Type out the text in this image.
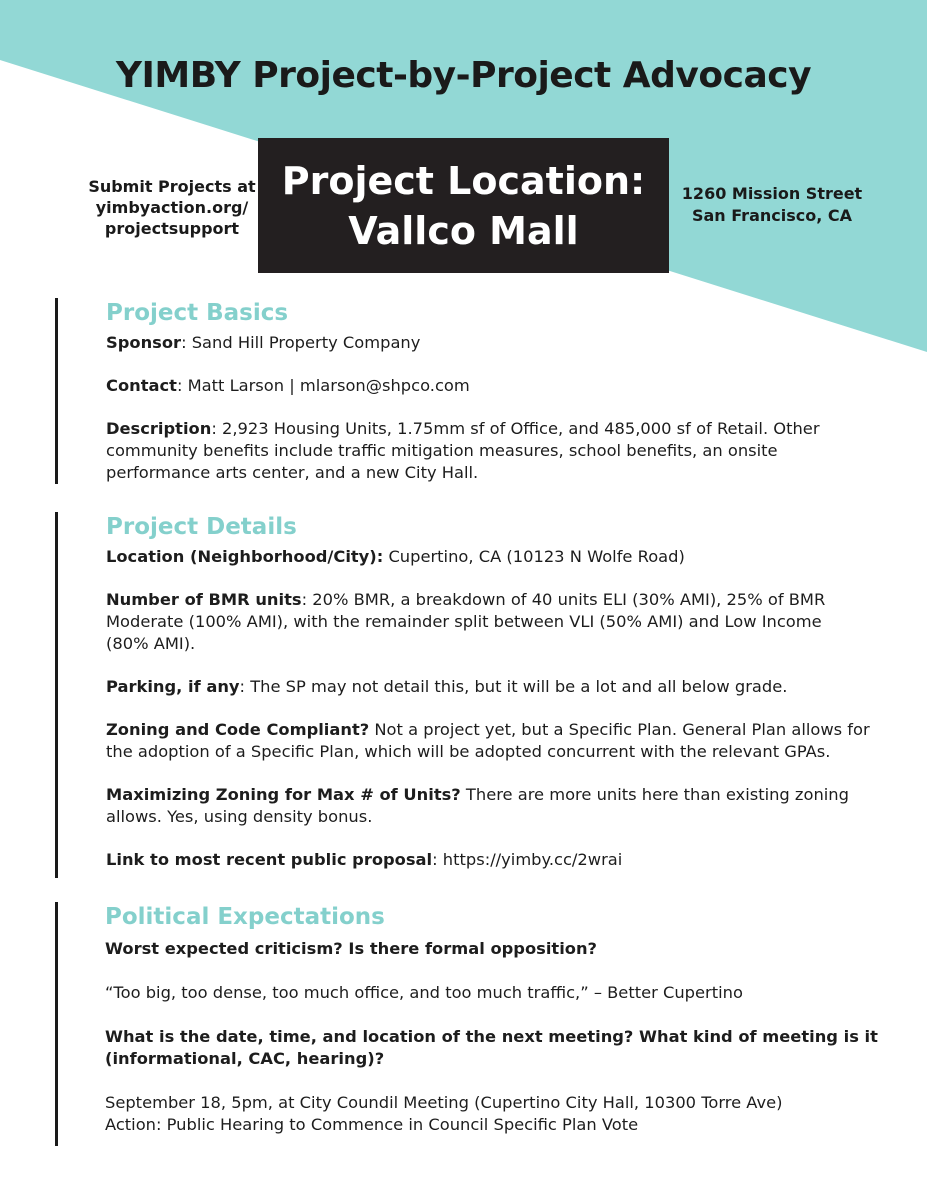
YIMBY Project-by-Project Advocacy
Submit Projects at
yimbyaction.org/
projectsupport
Project Location:
Vallco Mall
1260 Mission Street
San Francisco, CA
Project Basics

Sponsor: Sand Hill Property Company

Contact: Matt Larson | mlarson@shpco.com

Description: 2,923 Housing Units, 1.75mm sf of Office, and 485,000 sf of Retail. Other
community benefits include traffic mitigation measures, school benefits, an onsite
performance arts center, and a new City Hall.

Project Details

Location (Neighborhood/City): Cupertino, CA (10123 N Wolfe Road)

Number of BMR units: 20% BMR, a breakdown of 40 units ELI (30% AMI), 25% of BMR
Moderate (100% AMI), with the remainder split between VLI (50% AMI) and Low Income
(80% AMI).

Parking, if any: The SP may not detail this, but it will be a lot and all below grade.

Zoning and Code Compliant? Not a project yet, but a Specific Plan. General Plan allows for
the adoption of a Specific Plan, which will be adopted concurrent with the relevant GPAs.

Maximizing Zoning for Max # of Units? There are more units here than existing zoning
allows. Yes, using density bonus.

Link to most recent public proposal: https://yimby.cc/2wrai

Political Expectations

Worst expected criticism? Is there formal opposition?

“Too big, too dense, too much office, and too much traffic,” – Better Cupertino

What is the date, time, and location of the next meeting? What kind of meeting is it
(informational, CAC, hearing)?

September 18, 5pm, at City Coundil Meeting (Cupertino City Hall, 10300 Torre Ave)
Action: Public Hearing to Commence in Council Specific Plan Vote
